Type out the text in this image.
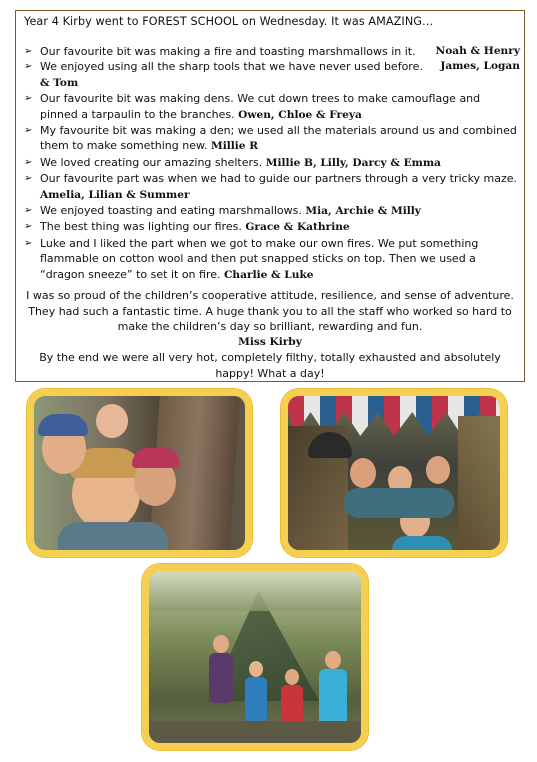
Year 4 Kirby went to FOREST SCHOOL on Wednesday. It was AMAZING…
➢ Our favourite bit was making a fire and toasting marshmallows in it. Noah & Henry
➢ We enjoyed using all the sharp tools that we have never used before. James, Logan

& Tom
➢ Our favourite bit was making dens. We cut down trees to make camouflage and
pinned a tarpaulin to the branches. Owen, Chloe & Freya
➢ My favourite bit was making a den; we used all the materials around us and combined
them to make something new. Millie R
➢ We loved creating our amazing shelters. Millie B, Lilly, Darcy & Emma
➢ Our favourite part was when we had to guide our partners through a very tricky maze.
Amelia, Lilian & Summer
➢ We enjoyed toasting and eating marshmallows. Mia, Archie & Milly
➢ The best thing was lighting our fires. Grace & Kathrine
➢ Luke and I liked the part when we got to make our own fires. We put something
flammable on cotton wool and then put snapped sticks on top. Then we used a
“dragon sneeze” to set it on fire. Charlie & Luke

I was so proud of the children’s cooperative attitude, resilience, and sense of adventure.

They had such a fantastic time. A huge thank you to all the staff who worked so hard to

make the children’s day so brilliant, rewarding and fun.

Miss Kirby

By the end we were all very hot, completely filthy, totally exhausted and absolutely

happy! What a day!
